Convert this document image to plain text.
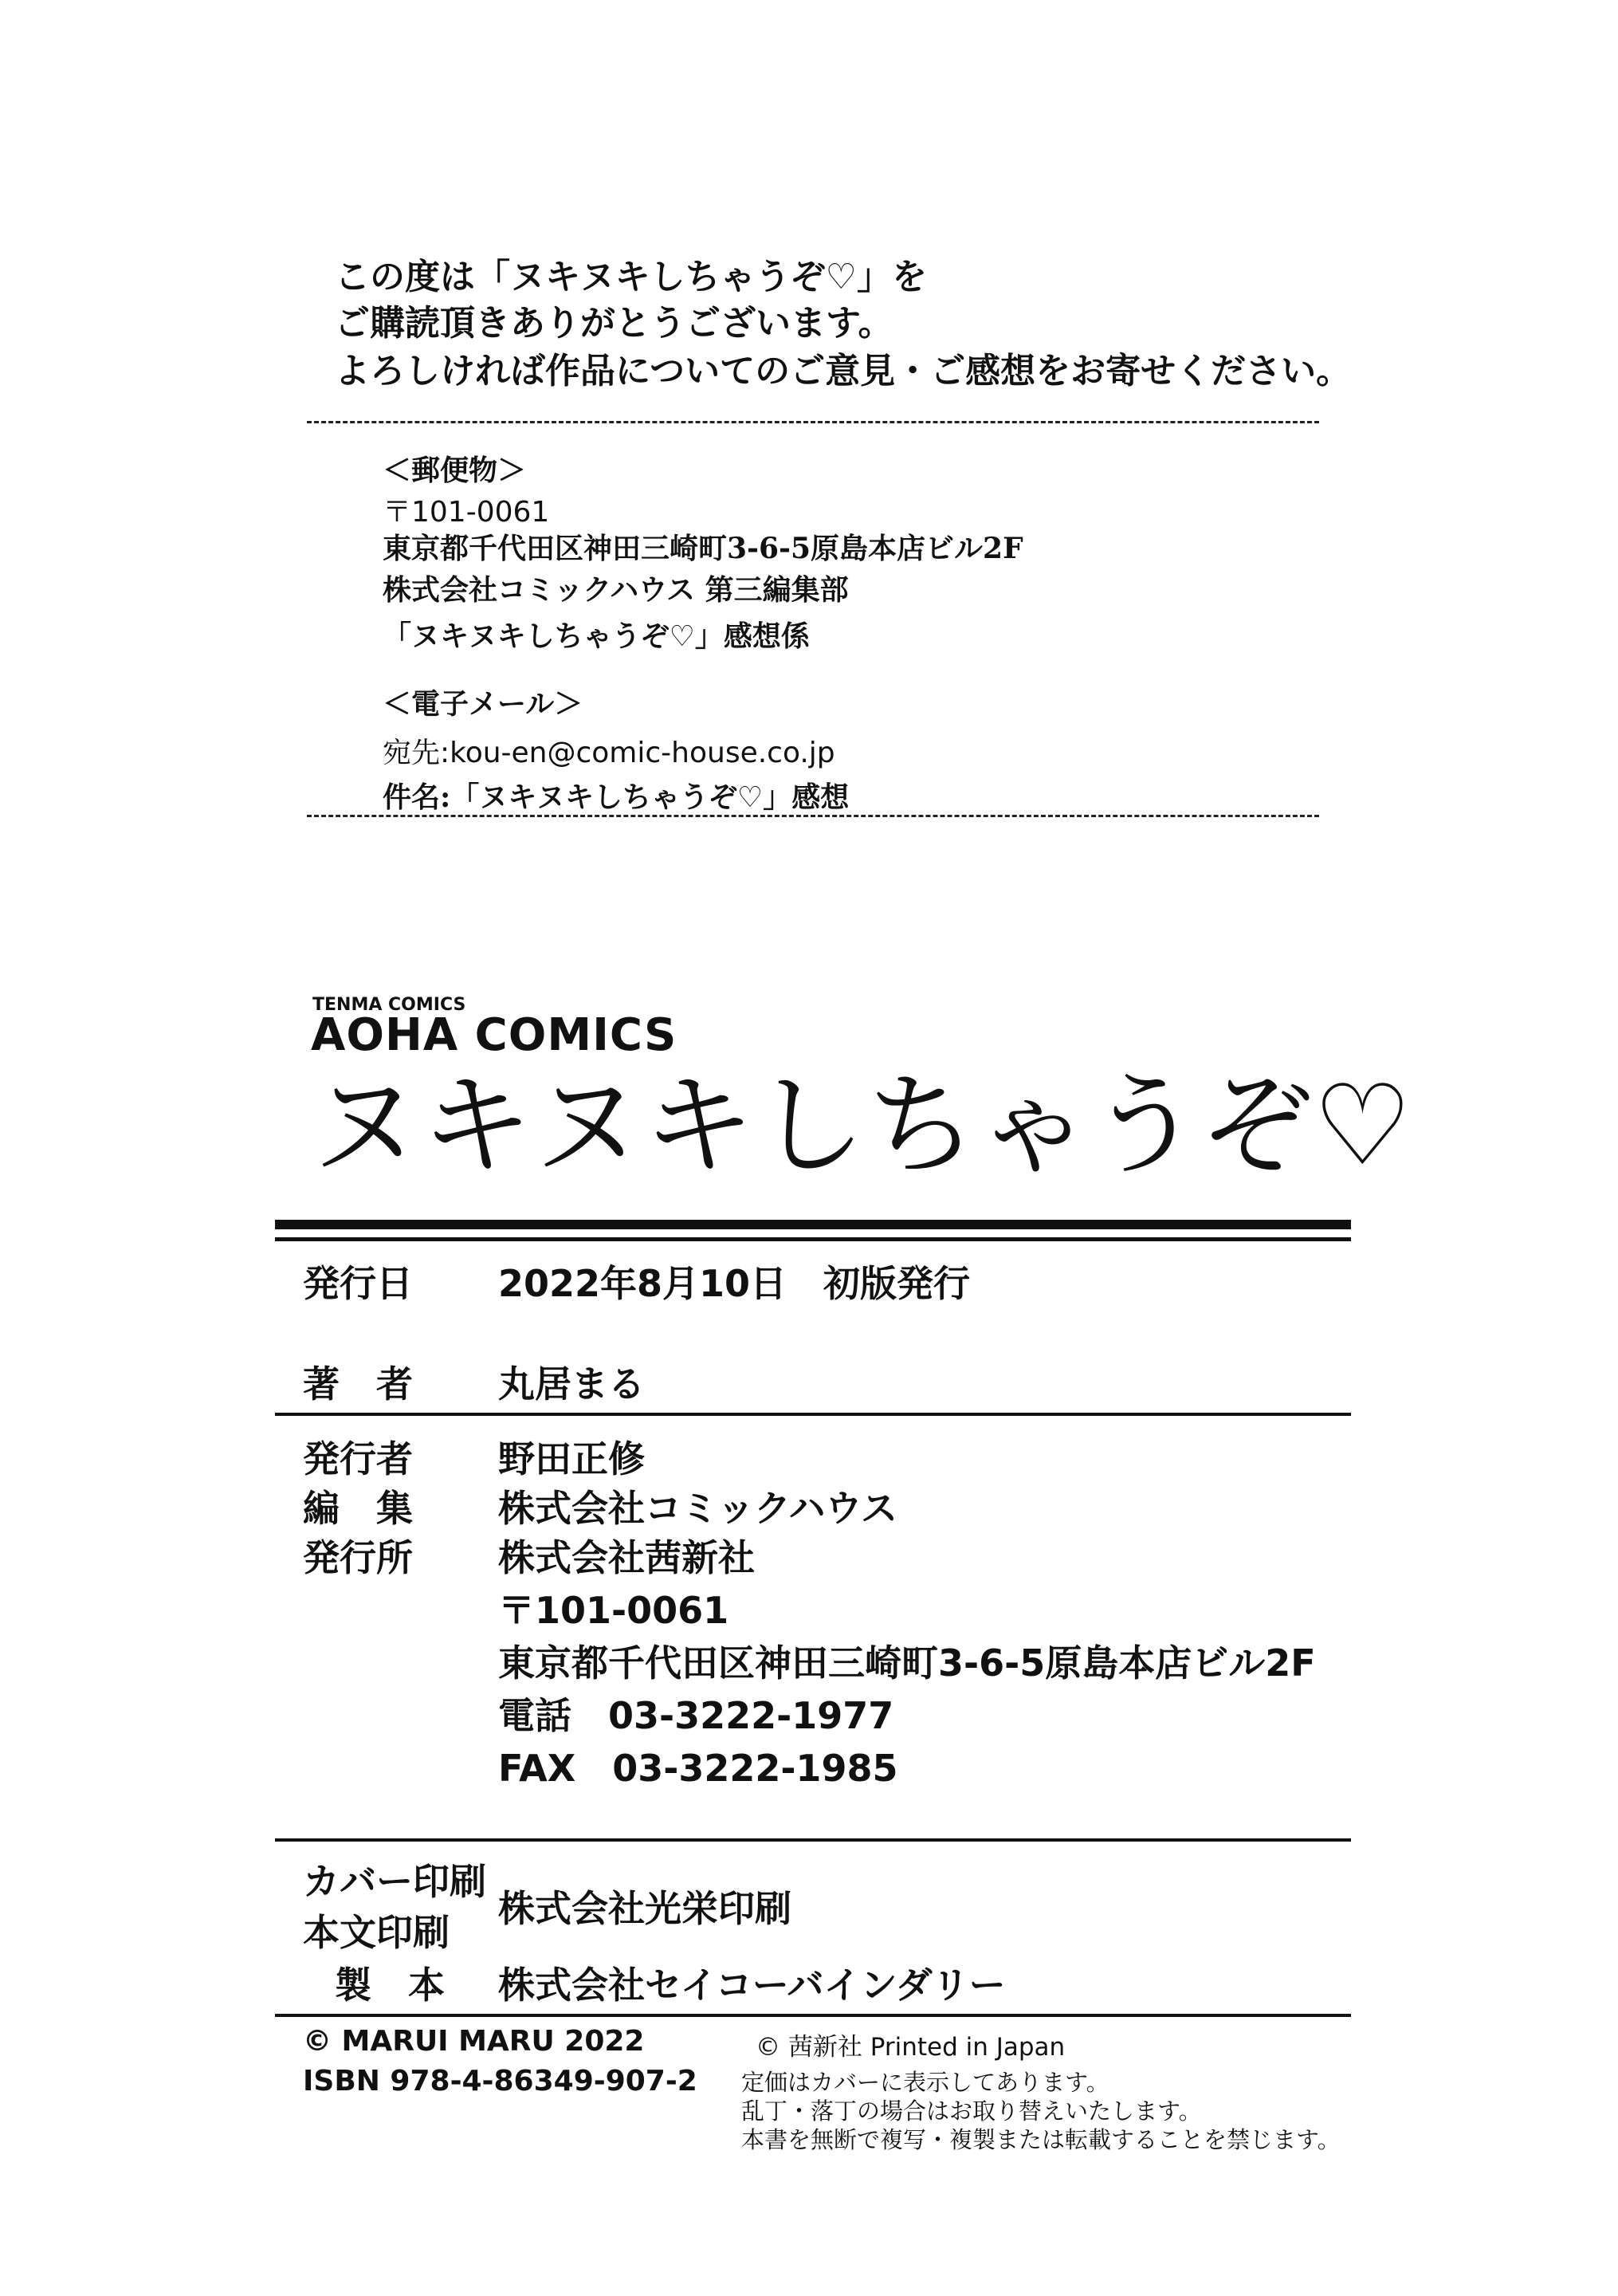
この度は「ヌキヌキしちゃうぞ♡」を
ご購読頂きありがとうございます。
よろしければ作品についてのご意見・ご感想をお寄せください。
＜郵便物＞
〒101-0061
東京都千代田区神田三崎町3-6-5原島本店ビル2F
株式会社コミックハウス 第三編集部
「ヌキヌキしちゃうぞ♡」感想係
＜電子メール＞
宛先:kou-en@comic-house.co.jp
件名:「ヌキヌキしちゃうぞ♡」感想
TENMA COMICS
AOHA COMICS
ヌキヌキしちゃうぞ♡
発行日 2022年8月10日　初版発行
著　者 丸居まる
発行者 野田正修
編　集 株式会社コミックハウス
発行所 株式会社茜新社
〒101-0061
東京都千代田区神田三崎町3-6-5原島本店ビル2F
電話　03-3222-1977
FAX　03-3222-1985
カバー印刷
本文印刷
株式会社光栄印刷
製　本 株式会社セイコーバインダリー
© MARUI MARU 2022
ISBN 978-4-86349-907-2
© 茜新社 Printed in Japan
定価はカバーに表示してあります。
乱丁・落丁の場合はお取り替えいたします。
本書を無断で複写・複製または転載することを禁じます。
